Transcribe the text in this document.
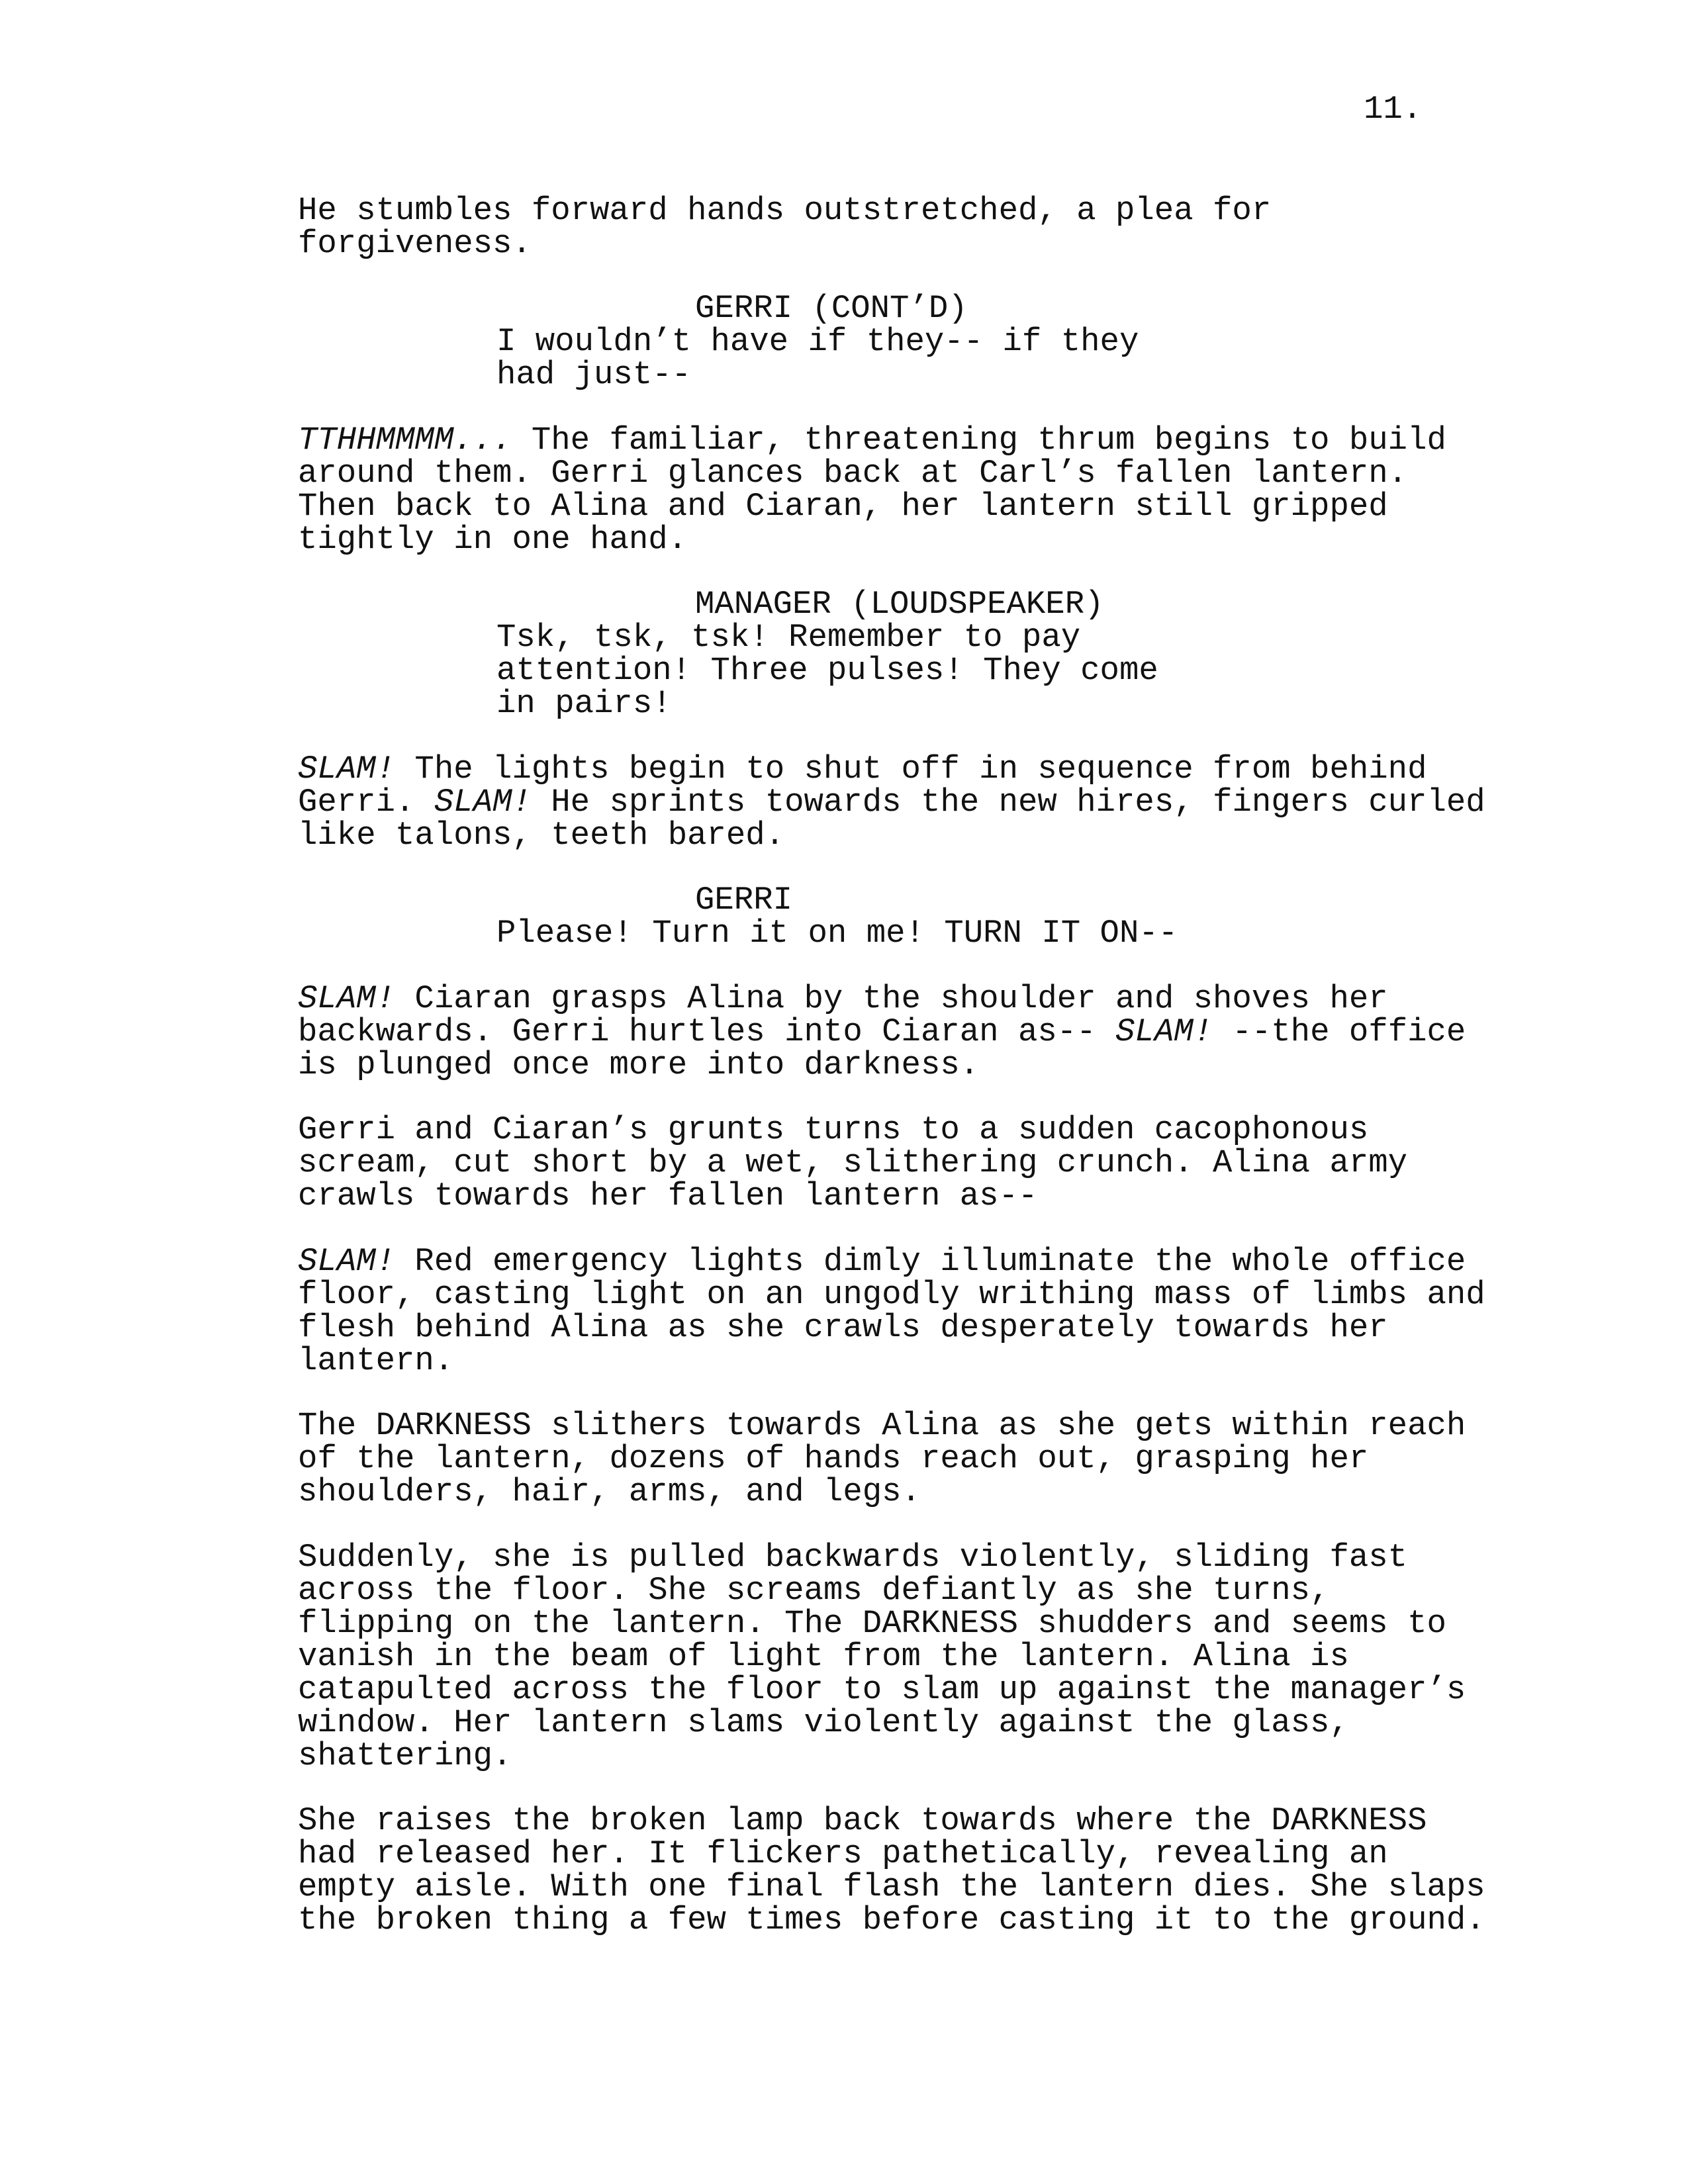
11.
He stumbles forward hands outstretched, a plea for
forgiveness.
GERRI (CONT’D)
I wouldn’t have if they-- if they
had just--
TTHHMMMM... The familiar, threatening thrum begins to build
around them. Gerri glances back at Carl’s fallen lantern.
Then back to Alina and Ciaran, her lantern still gripped
tightly in one hand.
MANAGER (LOUDSPEAKER)
Tsk, tsk, tsk! Remember to pay
attention! Three pulses! They come
in pairs!
SLAM! The lights begin to shut off in sequence from behind
Gerri. SLAM! He sprints towards the new hires, fingers curled
like talons, teeth bared.
GERRI
Please! Turn it on me! TURN IT ON--
SLAM! Ciaran grasps Alina by the shoulder and shoves her
backwards. Gerri hurtles into Ciaran as-- SLAM! --the office
is plunged once more into darkness.
Gerri and Ciaran’s grunts turns to a sudden cacophonous
scream, cut short by a wet, slithering crunch. Alina army
crawls towards her fallen lantern as--
SLAM! Red emergency lights dimly illuminate the whole office
floor, casting light on an ungodly writhing mass of limbs and
flesh behind Alina as she crawls desperately towards her
lantern.
The DARKNESS slithers towards Alina as she gets within reach
of the lantern, dozens of hands reach out, grasping her
shoulders, hair, arms, and legs.
Suddenly, she is pulled backwards violently, sliding fast
across the floor. She screams defiantly as she turns,
flipping on the lantern. The DARKNESS shudders and seems to
vanish in the beam of light from the lantern. Alina is
catapulted across the floor to slam up against the manager’s
window. Her lantern slams violently against the glass,
shattering.
She raises the broken lamp back towards where the DARKNESS
had released her. It flickers pathetically, revealing an
empty aisle. With one final flash the lantern dies. She slaps
the broken thing a few times before casting it to the ground.
